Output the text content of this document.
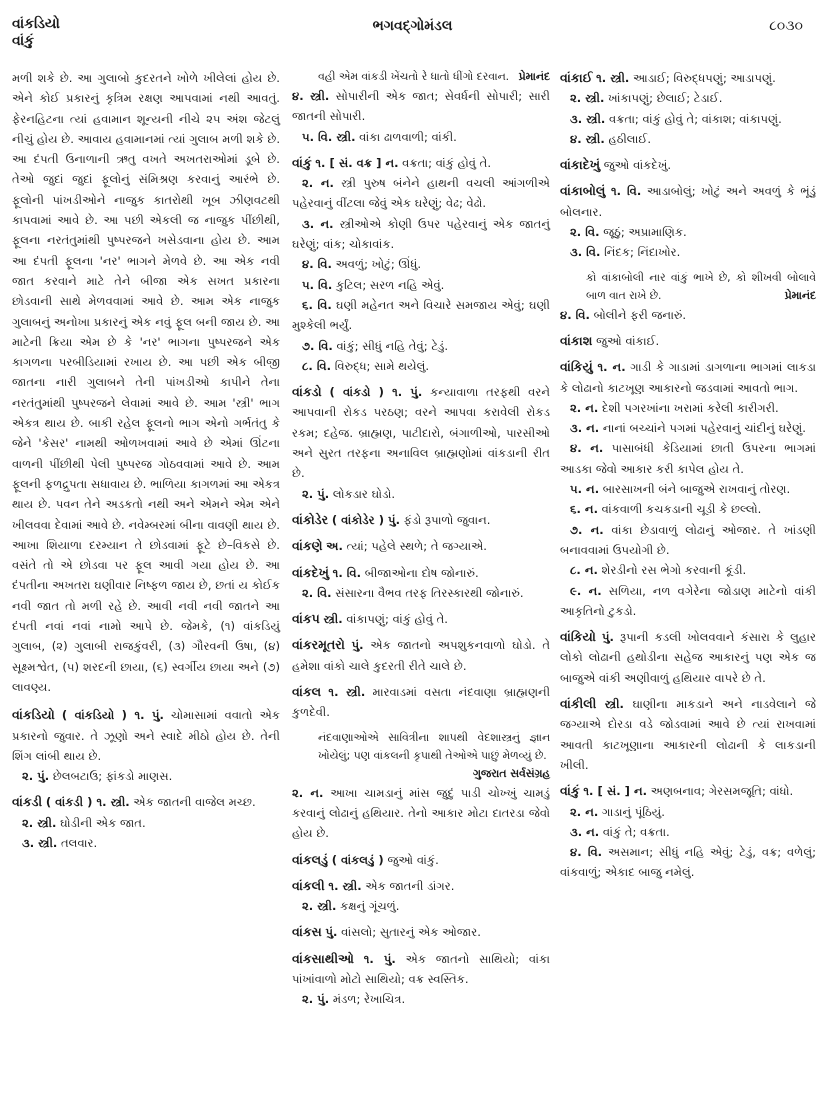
વાંકડિયો
વાંકું
ભગવદ્ગોમંડલ	૮૦૩૦
મળી શકે છે. આ ગુલાબો કુદરતને ખોળે ખીલેલાં હોય છે. એને કોઈ પ્રકારનું કૃત્રિમ રક્ષણ આપવામાં નથી આવતું. ફેરનહિટના ત્યાં હવામાન શૂન્યની નીચે ૨૫ અંશ જેટલું નીચું હોય છે. આવાય હવામાનમાં ત્યાં ગુલાબ મળી શકે છે. આ દંપતી ઉનાળાની ઋતુ વખતે અખતરાઓમાં ડૂબે છે. તેઓ જુદાં જુદાં ફૂલોનું સંમિશ્રણ કરવાનું આરંભે છે. ફૂલોની પાંખડીઓને નાજુક કાતરોથી ખૂબ ઝીણવટથી કાપવામાં આવે છે. આ પછી એકલી જ નાજુક પીંછીથી, ફૂલના નરતંતુમાંથી પુષ્પરજને ખસેડવાના હોય છે. આમ આ દંપતી ફૂલના 'નર' ભાગને મેળવે છે. આ એક નવી જાત કરવાને માટે તેને બીજા એક સખત પ્રકારના છોડવાની સાથે મેળવવામાં આવે છે. આમ એક નાજુક ગુલાબનું અનોખા પ્રકારનું એક નવું ફૂલ બની જાય છે. આ માટેની ક્રિયા એમ છે કે 'નર' ભાગના પુષ્પરજને એક કાગળના પરબીડિયામાં રખાય છે. આ પછી એક બીજી જાતના નારી ગુલાબને તેની પાંખડીઓ કાપીને તેના નરતંતુમાંથી પુષ્પરજને લેવામાં આવે છે. આમ 'સ્ત્રી' ભાગ એકત્ર થાય છે. બાકી રહેલ ફૂલનો ભાગ એનો ગર્ભતંતુ કે જેને 'કેસર' નામથી ઓળખવામાં આવે છે એમાં ઊંટના વાળની પીંછીથી પેલી પુષ્પરજ ગોઠવવામાં આવે છે. આમ ફૂલની ફળદ્રુપતા સધાવાય છે. ભાળિયા કાગળમાં આ એકત્ર થાય છે. પવન તેને અડકતો નથી અને એમને એમ એને ખીલવવા દેવામાં આવે છે. નવેમ્બરમાં બીના વાવણી થાય છે. આખા શિયાળા દરમ્યાન તે છોડવામાં ફૂટે છે–વિકસે છે. વસંતે તો એ છોડવા પર ફૂલ આવી ગયા હોય છે. આ દંપતીના અખતરા ઘણીવાર નિષ્ફળ જાય છે, છતાં ય કોઈક નવી જાત તો મળી રહે છે. આવી નવી નવી જાતને આ દંપતી નવાં નવાં નામો આપે છે. જેમકે, (૧) વાંકડિયું ગુલાબ, (૨) ગુલાબી રાજકુંવરી, (૩) ગૌરવની ઉષા, (૪) સૂક્ષ્મશ્વેત, (૫) શરદની છાયા, (૬) સ્વર્ગીય છાયા અને (૭) લાવણ્ય.
વાંકડિયો ( વાંકડિયો ) ૧. પું. ચોમાસામાં વવાતો એક પ્રકારનો જુવાર. તે ઝૂણો અને સ્વાદે મીઠો હોય છે. તેની શિંગ લાંબી થાય છે.
૨. પું. છેલબટાઉ; ફાંકડો માણસ.
વાંકડી ( વાંકડી ) ૧. સ્ત્રી. એક જાતની વાજેલ મચ્છ.
૨. સ્ત્રી. ઘોડીની એક જાત.
૩. સ્ત્રી. તલવાર.
વહી એમ વાંકડી ખેંચતો રે ધાતો ધીંગો દરવાન. પ્રેમાનંદ
૪. સ્ત્રી. સોપારીની એક જાત; સેવર્ધની સોપારી; સારી જાતની સોપારી.
૫. વિ. સ્ત્રી. વાંકા ઢાળવાળી; વાંકી.
વાંકું ૧. [ સં. વક્ર ] ન. વક્રતા; વાંકું હોવું તે.
૨. ન. સ્ત્રી પુરુષ બંનેને હાથની વચલી આંગળીએ પહેરવાનું વીંટલા જેવું એક ઘરેણું; વેઢ; વેઢો.
૩. ન. સ્ત્રીઓએ કોણી ઉપર પહેરવાનું એક જાતનું ઘરેણું; વાંક; ચોકાવાંક.
૪. વિ. અવળું; ખોટું; ઊંધું.
૫. વિ. કુટિલ; સરળ નહિ એવું.
૬. વિ. ઘણી મહેનત અને વિચારે સમજાય એવું; ઘણી મુશ્કેલી ભર્યું.
૭. વિ. વાંકું; સીધું નહિ તેવું; ટેડું.
૮. વિ. વિરુદ્ધ; સામે થયેલું.
વાંકડો ( વાંકડો ) ૧. પું. કન્યાવાળા તરફથી વરને આપવાની રોકડ પરઠણ; વરને આપવા કરાવેલી રોકડ રકમ; દહેજ. બ્રાહ્મણ, પાટીદારો, બંગાળીઓ, પારસીઓ અને સુરત તરફના અનાવિલ બ્રાહ્મણોમાં વાંકડાની રીત છે.
૨. પું. લોકડાર ઘોડો.
વાંકોડેર ( વાંકોડેર ) પું. ફંડો રૂપાળો જુવાન.
વાંકણે અ. ત્યાં; પહેલે સ્થળે; તે જગ્યાએ.
વાંકદેખું ૧. વિ. બીજાઓના દોષ જોનારું.
૨. વિ. સંસારના વૈભવ તરફ તિરસ્કારથી જોનારું.
વાંકપ સ્ત્રી. વાંકાપણું; વાંકું હોવું તે.
વાંકરમૂતરો પું. એક જાતનો અપશુકનવાળો ઘોડો. તે હમેશા વાંકો ચાલે કુદરતી રીતે ચાલે છે.
વાંકલ ૧. સ્ત્રી. મારવાડમાં વસતા નંદવાણા બ્રાહ્મણની કુળદેવી.
નંદવાણાઓએ સાવિત્રીના શાપથી વેદશાસ્ત્રનું જ્ઞાન ખોયેલું; પણ વાંકલની કૃપાથી તેઓએ પાછું મેળવ્યું છે.
ગુજરાત સર્વસંગ્રહ
૨. ન. આખા ચામડાનું માંસ જુદું પાડી ચોખ્ખું ચામડું કરવાનું લોઢાનું હથિયાર. તેનો આકાર મોટા દાતરડા જેવો હોય છે.
વાંકલડું ( વાંકલડું ) જુઓ વાંકું.
વાંકલી ૧. સ્ત્રી. એક જાતની ડાંગર.
૨. સ્ત્રી. કક્ષનું ગૂંચળું.
વાંકસ પું. વાંસલો; સુતારનું એક ઓજાર.
વાંકસાથીઓ ૧. પું. એક જાતનો સાથિયો; વાંકા પાંખાંવાળો મોટો સાથિયો; વક્ર સ્વસ્તિક.
૨. પું. મંડળ; રેખાચિત્ર.
વાંકાઈ ૧. સ્ત્રી. આડાઈ; વિરુદ્ધપણું; આડાપણું.
૨. સ્ત્રી. ખાંકાપણું; છેલાઈ; ટેડાઈ.
૩. સ્ત્રી. વક્રતા; વાંકું હોવું તે; વાંકાશ; વાંકાપણું.
૪. સ્ત્રી. હઠીલાઈ.
વાંકાદેખું જુઓ વાંકદેખું.
વાંકાબોલું ૧. વિ. આડાબોલું; ખોટું અને અવળું કે ભૂંડું બોલનાર.
૨. વિ. જૂઠું; અપ્રામાણિક.
૩. વિ. નિંદક; નિંદાખોર.
કો વાંકાબોલી નાર વાંકું ભાખે છે, કો શીખવી બોલાવે બાળ વાત રાખે છે.	પ્રેમાનંદ
૪. વિ. બોલીને ફરી જનારું.
વાંકાશ જુઓ વાંકાઈ.
વાંકિયું ૧. ન. ગાડી કે ગાડામાં ડાગળાના ભાગમાં લાકડા કે લોઢાનો કાટખૂણ આકારનો જડવામાં આવતો ભાગ.
૨. ન. દેશી પગરખાંના ખરામાં કરેલી કારીગરી.
૩. ન. નાનાં બચ્ચાંને પગમાં પહેરવાનું ચાંદીનું ઘરેણું.
૪. ન. પાસાબંધી કેડિયામાં છાતી ઉપરના ભાગમાં આડકા જેવો આકાર કરી કાપેલ હોય તે.
૫. ન. બારસાખની બંને બાજુએ રાખવાનું તોરણ.
૬. ન. વાંકવાળી કચકડાની ચૂડી કે છલ્લો.
૭. ન. વાંકા છેડાવાળું લોઢાનું ઓજાર. તે ખાંડણી બનાવવામાં ઉપયોગી છે.
૮. ન. શેરડીનો રસ ભેગો કરવાની કૂંડી.
૯. ન. સળિયા, નળ વગેરેના જોડાણ માટેનો વાંકી આકૃતિનો ટુકડો.
વાંકિયો પું. રૂપાની કડલી ખોલવવાને કંસારા કે લુહાર લોકો લોઢાની હથોડીના સહેજ આકારનું પણ એક જ બાજુએ વાંકી અણીવાળું હથિયાર વાપરે છે તે.
વાંકીલી સ્ત્રી. ઘાણીના માકડાને અને નાડવેલાને જે જગ્યાએ દોરડા વડે જોડવામાં આવે છે ત્યાં રાખવામાં આવતી કાટખૂણાના આકારની લોઢાની કે લાકડાની ખીલી.
વાંકું ૧. [ સં. ] ન. અણબનાવ; ગેરસમજૂતિ; વાંધો.
૨. ન. ગાડાનું પૂંઠિયું.
૩. ન. વાંકું તે; વક્રતા.
૪. વિ. અસમાન; સીધું નહિ એવું; ટેડું, વક્ર; વળેલું; વાંકવાળું; એકાદ બાજુ નમેલું.
